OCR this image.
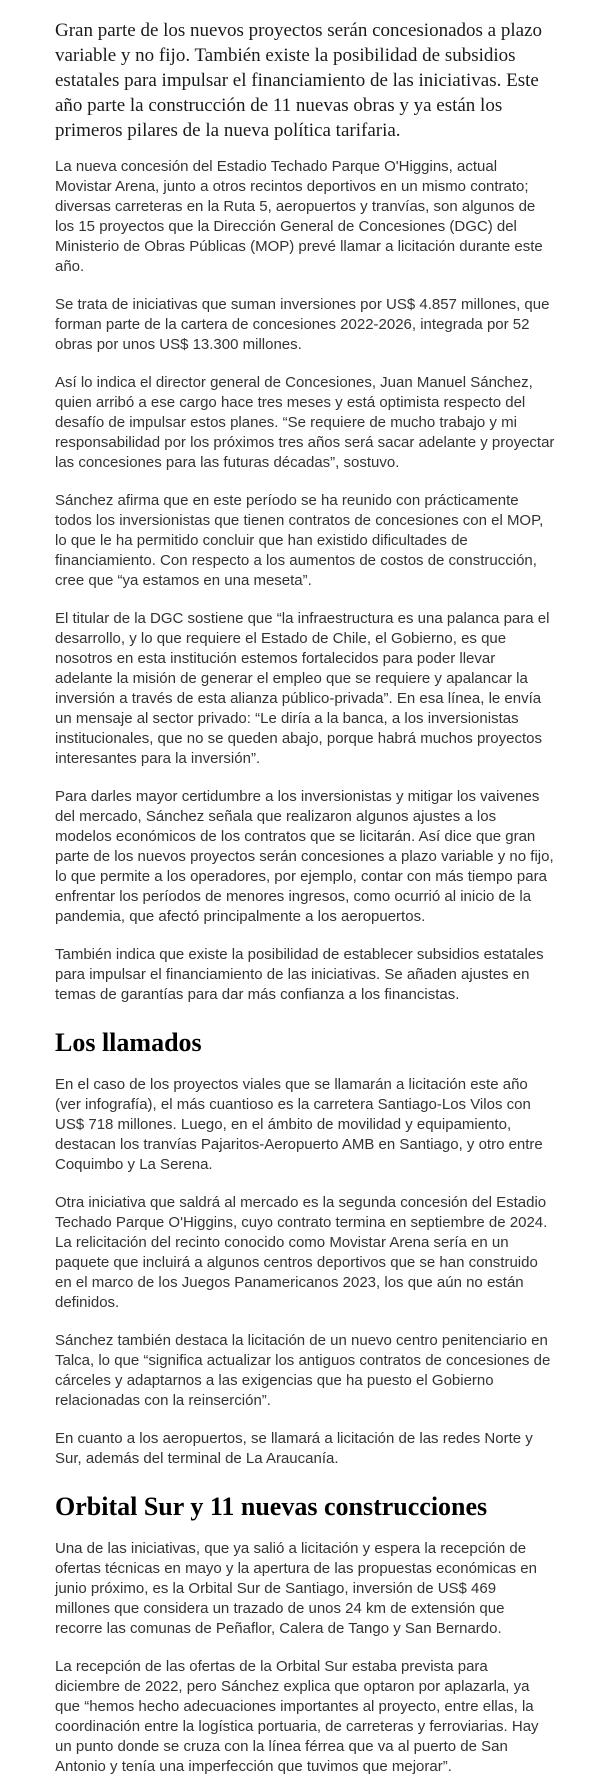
Gran parte de los nuevos proyectos serán concesionados a plazo variable y no fijo. También existe la posibilidad de subsidios estatales para impulsar el financiamiento de las iniciativas. Este año parte la construcción de 11 nuevas obras y ya están los primeros pilares de la nueva política tarifaria.

La nueva concesión del Estadio Techado Parque O'Higgins, actual Movistar Arena, junto a otros recintos deportivos en un mismo contrato; diversas carreteras en la Ruta 5, aeropuertos y tranvías, son algunos de los 15 proyectos que la Dirección General de Concesiones (DGC) del Ministerio de Obras Públicas (MOP) prevé llamar a licitación durante este año.

Se trata de iniciativas que suman inversiones por US$ 4.857 millones, que forman parte de la cartera de concesiones 2022-2026, integrada por 52 obras por unos US$ 13.300 millones.

Así lo indica el director general de Concesiones, Juan Manuel Sánchez, quien arribó a ese cargo hace tres meses y está optimista respecto del desafío de impulsar estos planes. “Se requiere de mucho trabajo y mi responsabilidad por los próximos tres años será sacar adelante y proyectar las concesiones para las futuras décadas”, sostuvo.

Sánchez afirma que en este período se ha reunido con prácticamente todos los inversionistas que tienen contratos de concesiones con el MOP, lo que le ha permitido concluir que han existido dificultades de financiamiento. Con respecto a los aumentos de costos de construcción, cree que “ya estamos en una meseta”.

El titular de la DGC sostiene que “la infraestructura es una palanca para el desarrollo, y lo que requiere el Estado de Chile, el Gobierno, es que nosotros en esta institución estemos fortalecidos para poder llevar adelante la misión de generar el empleo que se requiere y apalancar la inversión a través de esta alianza público-privada”. En esa línea, le envía un mensaje al sector privado: “Le diría a la banca, a los inversionistas institucionales, que no se queden abajo, porque habrá muchos proyectos interesantes para la inversión”.

Para darles mayor certidumbre a los inversionistas y mitigar los vaivenes del mercado, Sánchez señala que realizaron algunos ajustes a los modelos económicos de los contratos que se licitarán. Así dice que gran parte de los nuevos proyectos serán concesiones a plazo variable y no fijo, lo que permite a los operadores, por ejemplo, contar con más tiempo para enfrentar los períodos de menores ingresos, como ocurrió al inicio de la pandemia, que afectó principalmente a los aeropuertos.

También indica que existe la posibilidad de establecer subsidios estatales para impulsar el financiamiento de las iniciativas. Se añaden ajustes en temas de garantías para dar más confianza a los financistas.

Los llamados

En el caso de los proyectos viales que se llamarán a licitación este año (ver infografía), el más cuantioso es la carretera Santiago-Los Vilos con US$ 718 millones. Luego, en el ámbito de movilidad y equipamiento, destacan los tranvías Pajaritos-Aeropuerto AMB en Santiago, y otro entre Coquimbo y La Serena.

Otra iniciativa que saldrá al mercado es la segunda concesión del Estadio Techado Parque O'Higgins, cuyo contrato termina en septiembre de 2024. La relicitación del recinto conocido como Movistar Arena sería en un paquete que incluirá a algunos centros deportivos que se han construido en el marco de los Juegos Panamericanos 2023, los que aún no están definidos.

Sánchez también destaca la licitación de un nuevo centro penitenciario en Talca, lo que “significa actualizar los antiguos contratos de concesiones de cárceles y adaptarnos a las exigencias que ha puesto el Gobierno relacionadas con la reinserción”.

En cuanto a los aeropuertos, se llamará a licitación de las redes Norte y Sur, además del terminal de La Araucanía.

Orbital Sur y 11 nuevas construcciones

Una de las iniciativas, que ya salió a licitación y espera la recepción de ofertas técnicas en mayo y la apertura de las propuestas económicas en junio próximo, es la Orbital Sur de Santiago, inversión de US$ 469 millones que considera un trazado de unos 24 km de extensión que recorre las comunas de Peñaflor, Calera de Tango y San Bernardo.

La recepción de las ofertas de la Orbital Sur estaba prevista para diciembre de 2022, pero Sánchez explica que optaron por aplazarla, ya que “hemos hecho adecuaciones importantes al proyecto, entre ellas, la coordinación entre la logística portuaria, de carreteras y ferroviarias. Hay un punto donde se cruza con la línea férrea que va al puerto de San Antonio y tenía una imperfección que tuvimos que mejorar”.
